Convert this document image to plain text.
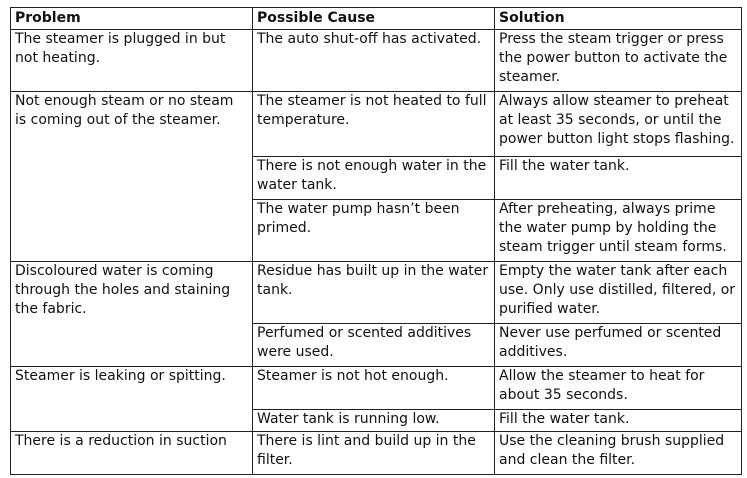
Problem	Possible Cause	Solution
The steamer is plugged in but not heating.	The auto shut-off has activated.	Press the steam trigger or press the power button to activate the steamer.
Not enough steam or no steam is coming out of the steamer.	The steamer is not heated to full temperature.	Always allow steamer to preheat at least 35 seconds, or until the power button light stops flashing.
	There is not enough water in the water tank.	Fill the water tank.
	The water pump hasn’t been primed.	After preheating, always prime the water pump by holding the steam trigger until steam forms.
Discoloured water is coming through the holes and staining the fabric.	Residue has built up in the water tank.	Empty the water tank after each use. Only use distilled, filtered, or purified water.
	Perfumed or scented additives were used.	Never use perfumed or scented additives.
Steamer is leaking or spitting.	Steamer is not hot enough.	Allow the steamer to heat for about 35 seconds.
	Water tank is running low.	Fill the water tank.
There is a reduction in suction	There is lint and build up in the filter.	Use the cleaning brush supplied and clean the filter.
